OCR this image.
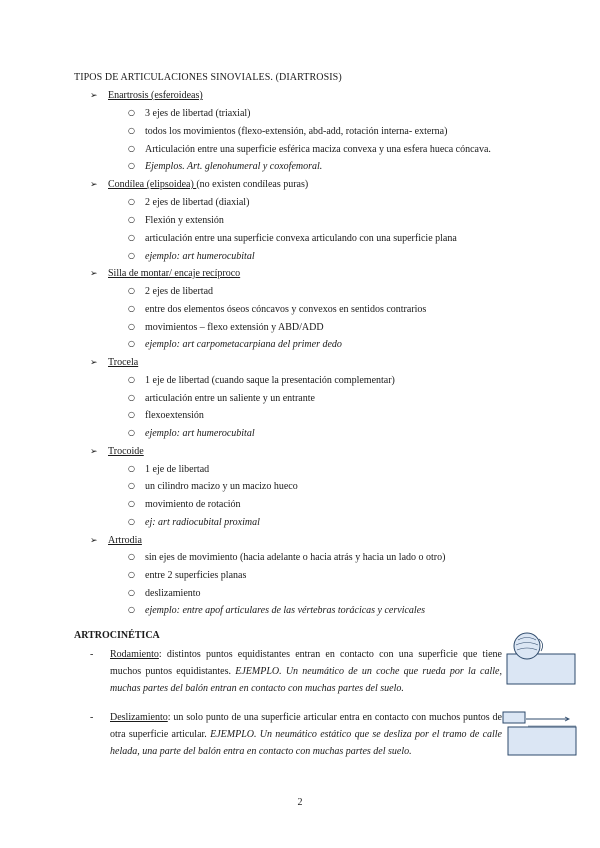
TIPOS DE ARTICULACIONES SINOVIALES. (DIARTROSIS)
➢ Enartrosis (esferoideas)
○ 3 ejes de libertad (triaxial)
○ todos los movimientos (flexo-extensión, abd-add, rotación interna- externa)
○ Articulación entre una superficie esférica maciza convexa y una esfera hueca cóncava.
○ Ejemplos. Art. glenohumeral y coxofemoral.
➢ Condílea (elipsoidea) (no existen condíleas puras)
○ 2 ejes de libertad (diaxial)
○ Flexión y extensión
○ articulación entre una superficie convexa articulando con una superficie plana
○ ejemplo: art humerocubital
➢ Silla de montar/ encaje recíproco
○ 2 ejes de libertad
○ entre dos elementos óseos cóncavos y convexos en sentidos contrarios
○ movimientos – flexo extensión y ABD/ADD
○ ejemplo: art carpometacarpiana del primer dedo
➢ Trocela
○ 1 eje de libertad (cuando saque la presentación complementar)
○ articulación entre un saliente y un entrante
○ flexoextensión
○ ejemplo: art humerocubital
➢ Trocoide
○ 1 eje de libertad
○ un cilindro macizo y un macizo hueco
○ movimiento de rotación
○ ej: art radiocubital proximal
➢ Artrodia
○ sin ejes de movimiento (hacia adelante o hacia atrás y hacia un lado o otro)
○ entre 2 superficies planas
○ deslizamiento
○ ejemplo: entre apof articulares de las vértebras torácicas y cervicales
ARTROCINÉTICA
- Rodamiento: distintos puntos equidistantes entran en contacto con una superficie que tiene muchos puntos equidistantes. EJEMPLO. Un neumático de un coche que rueda por la calle, muchas partes del balón entran en contacto con muchas partes del suelo.
- Deslizamiento: un solo punto de una superficie articular entra en contacto con muchos puntos de otra superficie articular. EJEMPLO. Un neumático estático que se desliza por el tramo de calle helada, una parte del balón entra en contacto con muchas partes del suelo.
2
